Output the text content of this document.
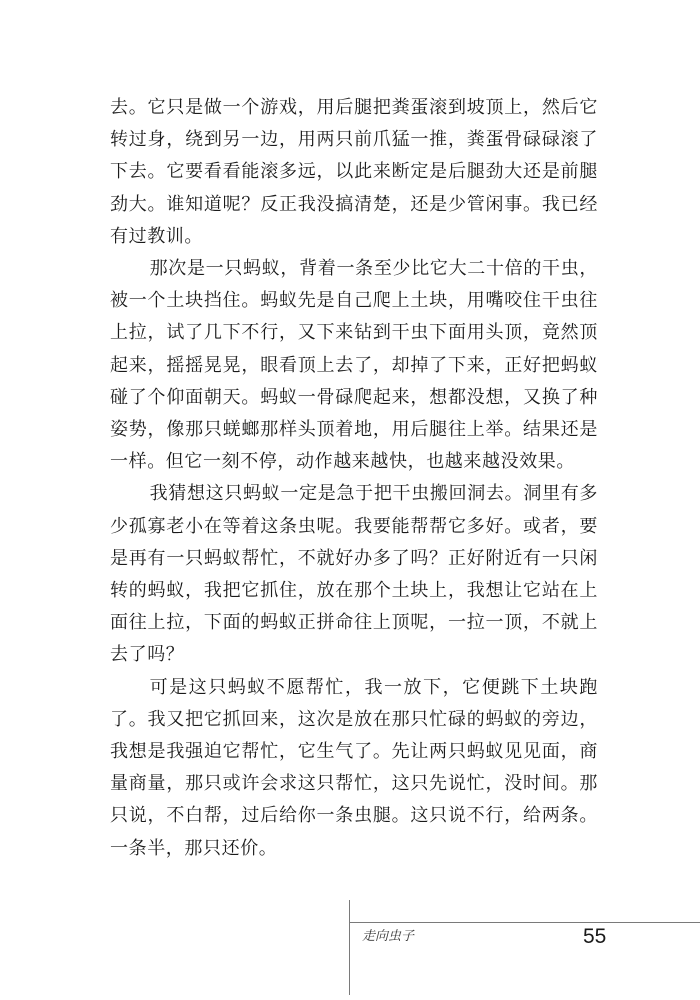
去。它只是做一个游戏，用后腿把粪蛋滚到坡顶上，然后它转过身，绕到另一边，用两只前爪猛一推，粪蛋骨碌碌滚了下去。它要看看能滚多远，以此来断定是后腿劲大还是前腿劲大。谁知道呢？反正我没搞清楚，还是少管闲事。我已经有过教训。

那次是一只蚂蚁，背着一条至少比它大二十倍的干虫，被一个土块挡住。蚂蚁先是自己爬上土块，用嘴咬住干虫往上拉，试了几下不行，又下来钻到干虫下面用头顶，竟然顶起来，摇摇晃晃，眼看顶上去了，却掉了下来，正好把蚂蚁碰了个仰面朝天。蚂蚁一骨碌爬起来，想都没想，又换了种姿势，像那只蜣螂那样头顶着地，用后腿往上举。结果还是一样。但它一刻不停，动作越来越快，也越来越没效果。

我猜想这只蚂蚁一定是急于把干虫搬回洞去。洞里有多少孤寡老小在等着这条虫呢。我要能帮帮它多好。或者，要是再有一只蚂蚁帮忙，不就好办多了吗？正好附近有一只闲转的蚂蚁，我把它抓住，放在那个土块上，我想让它站在上面往上拉，下面的蚂蚁正拼命往上顶呢，一拉一顶，不就上去了吗？

可是这只蚂蚁不愿帮忙，我一放下，它便跳下土块跑了。我又把它抓回来，这次是放在那只忙碌的蚂蚁的旁边，我想是我强迫它帮忙，它生气了。先让两只蚂蚁见见面，商量商量，那只或许会求这只帮忙，这只先说忙，没时间。那只说，不白帮，过后给你一条虫腿。这只说不行，给两条。一条半，那只还价。

走向虫子	55
